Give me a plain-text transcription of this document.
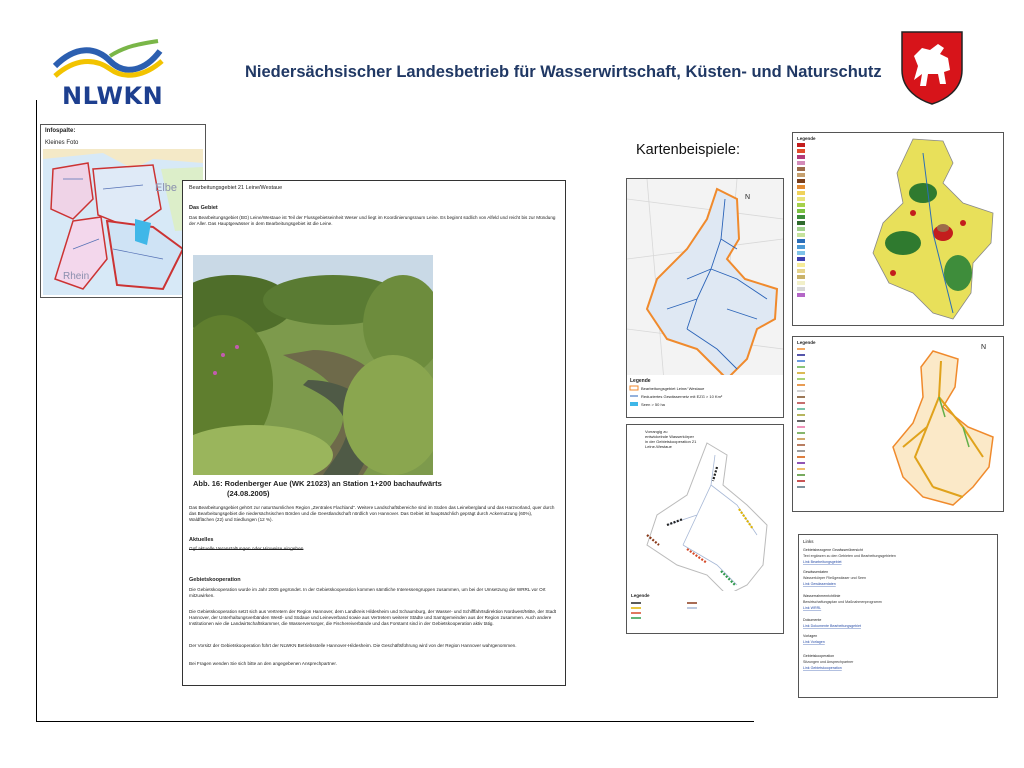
NLWKN
Niedersächsischer Landesbetrieb für Wasserwirtschaft, Küsten- und Naturschutz
Infospalte:
Kleines Foto
Elbe
Rhein
Bearbeitungsgebiet 21 Leine/Westaue
Das Gebiet
Das Bearbeitungsgebiet (BG) Leine/Westaue ist Teil der Flussgebietseinheit Weser und liegt im Koordinierungsraum Leine. Es beginnt südlich von Alfeld und reicht bis zur Mündung der Aller. Das Hauptgewässer in dem Bearbeitungsgebiet ist die Leine.
Abb. 16: Rodenberger Aue (WK 21023) an Station 1+200 bachaufwärts
(24.08.2005)
Das Bearbeitungsgebiet gehört zur naturräumlichen Region „Zentrales Flachland". Weitere Landschaftsbereiche sind im Süden das Leinebergland und das Harzvorland, quer durch das Bearbeitungsgebiet die niedersächsischen Börden und die Geestlandschaft nördlich von Hannover. Das Gebiet ist hauptsächlich geprägt durch Ackernutzung (60%), Waldflächen (22) und Siedlungen (12 %).
Aktuelles
Ggf aktuelle Veranstaltungen oder Hinweise eingeben
Gebietskooperation
Die Gebietskooperation wurde im Jahr 2005 gegründet. In der Gebietskooperation kommen sämtliche Interessengruppen zusammen, um bei der Umsetzung der WRRL vor Ort mitzuwirken.
Die Gebietskooperation setzt sich aus Vertretern der Region Hannover, dem Landkreis Hildesheim und Schaumburg, der Wasser- und Schifffahrtsdirektion Nordwest/Mitte, der Stadt Hannover, der Unterhaltungsverbänden Westl- und Südaue und Leineverband sowie aus Vertretern weiterer Städte und Samtgemeinden aus der Region zusammen. Auch andere Institutionen wie die Landwirtschaftskammer, die Wasserversorger, die Fischereiverbände und das Forstamt sind in der Gebietskooperation aktiv tätig.
Der Vorsitz der Gebietskooperation führt der NLWKN Betriebsstelle Hannover-Hildesheim. Die Geschäftsführung wird von der Region Hannover wahrgenommen.
Bei Fragen wenden Sie sich bitte an den angegebenen Ansprechpartner.
Kartenbeispiele:
Legende
Bearbeitungsgebiet Leine/ Westaue
Reduziertes Gewässernetz mit EZG > 10 Km²
Seen > 50 ha
N
Vorrangig zu
entwickelnde Wasserkörper
in der Gebietskooperation 21
Leine-Westaue
Legende
Legende
Legende
N
Links
Gebietsbezogene Gewässerübersicht
Text ergänzen zu den Gebieten und Bearbeitungsgebieten
Link Bearbeitungsgebiet
Gewässerdaten
Wasserkörper Fließgewässer und Seen
Link Gewässerdaten
Wasserrahmenrichtlinie
Bewirtschaftungsplan und Maßnahmenprogramm
Link WRRL
Dokumente
Link Dokumente Bearbeitungsgebiet
Vorlagen
Link Vorlagen
Gebietskooperation
Sitzungen und Ansprechpartner
Link Gebietskooperation
